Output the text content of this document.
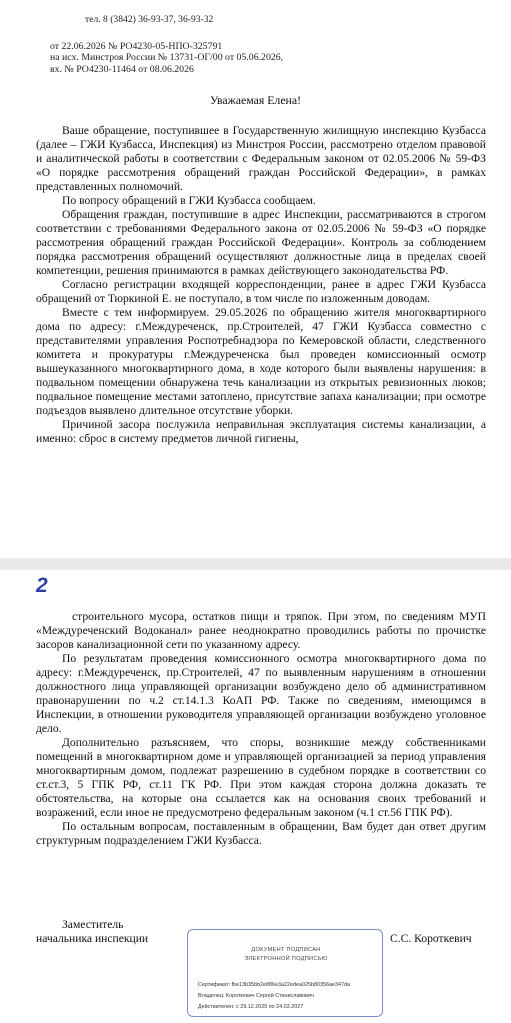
тел. 8 (3842) 36-93-37, 36-93-32
от 22.06.2026 № РО4230-05-НПО-325791
на исх. Минстроя России № 13731-ОГ/00 от 05.06.2026,
вх. № РО4230-11464 от 08.06.2026
Уважаемая Елена!

Ваше обращение, поступившее в Государственную жилищную инспекцию Кузбасса (далее – ГЖИ Кузбасса, Инспекция) из Минстроя России, рассмотрено отделом правовой и аналитической работы в соответствии с Федеральным законом от 02.05.2006 № 59-ФЗ «О порядке рассмотрения обращений граждан Российской Федерации», в рамках представленных полномочий.

По вопросу обращений в ГЖИ Кузбасса сообщаем.

Обращения граждан, поступившие в адрес Инспекции, рассматриваются в строгом соответствии с требованиями Федерального закона от 02.05.2006 № 59-ФЗ «О порядке рассмотрения обращений граждан Российской Федерации». Контроль за соблюдением порядка рассмотрения обращений осуществляют должностные лица в пределах своей компетенции, решения принимаются в рамках действующего законодательства РФ.

Согласно регистрации входящей корреспонденции, ранее в адрес ГЖИ Кузбасса обращений от Тюркиной Е. не поступало, в том числе по изложенным доводам.

Вместе с тем информируем. 29.05.2026 по обращению жителя многоквартирного дома по адресу: г.Междуреченск, пр.Строителей, 47 ГЖИ Кузбасса совместно с представителями управления Роспотребнадзора по Кемеровской области, следственного комитета и прокуратуры г.Междуреченска был проведен комиссионный осмотр вышеуказанного многоквартирного дома, в ходе которого были выявлены нарушения: в подвальном помещении обнаружена течь канализации из открытых ревизионных люков; подвальное помещение местами затоплено, присутствие запаха канализации; при осмотре подъездов выявлено длительное отсутствие уборки.

Причиной засора послужила неправильная эксплуатация системы канализации, а именно: сброс в систему предметов личной гигиены,

2

строительного мусора, остатков пищи и тряпок. При этом, по сведениям МУП «Междуреченский Водоканал» ранее неоднократно проводились работы по прочистке засоров канализационной сети по указанному адресу.

По результатам проведения комиссионного осмотра многоквартирного дома по адресу: г.Междуреченск, пр.Строителей, 47 по выявленным нарушениям в отношении должностного лица управляющей организации возбуждено дело об административном правонарушении по ч.2 ст.14.1.3 КоАП РФ. Также по сведениям, имеющимся в Инспекции, в отношении руководителя управляющей организации возбуждено уголовное дело.

Дополнительно разъясняем, что споры, возникшие между собственниками помещений в многоквартирном доме и управляющей организацией за период управления многоквартирным домом, подлежат разрешению в судебном порядке в соответствии со ст.ст.3, 5 ГПК РФ, ст.11 ГК РФ. При этом каждая сторона должна доказать те обстоятельства, на которые она ссылается как на основания своих требований и возражений, если иное не предусмотрено федеральным законом (ч.1 ст.56 ГПК РФ).

По остальным вопросам, поставленным в обращении, Вам будет дан ответ другим структурным подразделением ГЖИ Кузбасса.

Заместитель
начальника инспекции
ДОКУМЕНТ ПОДПИСАН
ЭЛЕКТРОННОЙ ПОДПИСЬЮ
Сертификат: fbe13b35bb2e886e3a22edea025b80356ae347da
Владелец: Короткевич Сергей Станиславович
Действителен: с 29.12.2025 по 24.03.2027
С.С. Короткевич
